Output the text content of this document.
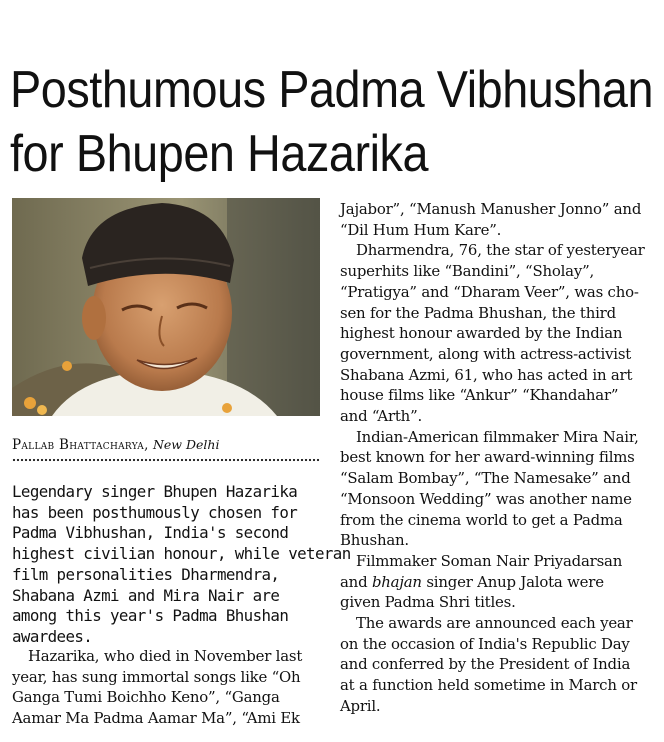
Posthumous Padma Vibhushan
for Bhupen Hazarika
Pallab Bhattacharya, New Delhi

Legendary singer Bhupen Hazarika

has been posthumously chosen for

Padma Vibhushan, India's second

highest civilian honour, while veteran

film personalities Dharmendra,

Shabana Azmi and Mira Nair are

among this year's Padma Bhushan

awardees.

Hazarika, who died in November last

year, has sung immortal songs like “Oh

Ganga Tumi Boichho Keno”, “Ganga

Aamar Ma Padma Aamar Ma”, “Ami Ek

Jajabor”, “Manush Manusher Jonno” and

“Dil Hum Hum Kare”.

Dharmendra, 76, the star of yesteryear

superhits like “Bandini”, “Sholay”,

“Pratigya” and “Dharam Veer”, was cho-

sen for the Padma Bhushan, the third

highest honour awarded by the Indian

government, along with actress-activist

Shabana Azmi, 61, who has acted in art

house films like “Ankur” “Khandahar”

and “Arth”.

Indian-American filmmaker Mira Nair,

best known for her award-winning films

“Salam Bombay”, “The Namesake” and

“Monsoon Wedding” was another name

from the cinema world to get a Padma

Bhushan.

Filmmaker Soman Nair Priyadarsan

and bhajan singer Anup Jalota were

given Padma Shri titles.

The awards are announced each year

on the occasion of India's Republic Day

and conferred by the President of India

at a function held sometime in March or

April.
